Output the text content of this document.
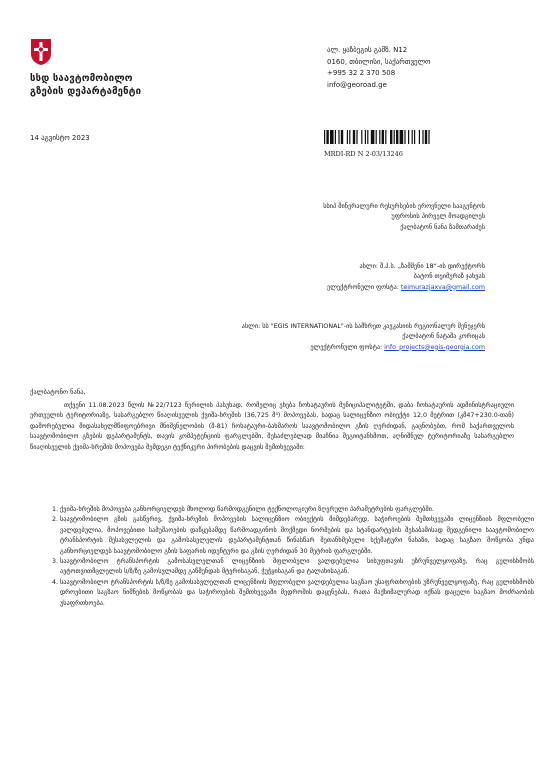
სსდ საავტომობილო
გზების დეპარტამენტი
ალ. ყაზბეგის გამზ. N12
0160, თბილისი, საქართველო
+995 32 2 370 508
info@georoad.ge
14 აგვისტო 2023
MRDI-RD N 2-03/13246
სსიპ მინერალური რესურსების ეროვნული სააგენტოს
უფროსის პირველ მოადგილეს
ქალბატონ ნანა ზამთარაძეს
ასლი: შ.პ.ს. „ზამშენი 18“-ის დირექტორს
ბატონ თეიმურაზ ჯახვას
ელექტრონული ფოსტა: teimurazjaxva@gmail.com
ასლი: სს "EGIS INTERNATIONAL"-ის სამხრეთ კავკასიის რეგიონალურ მენეჯერს
ქალბატონ ნატაშა კორიცას
ელექტრონული ფოსტა: info_projects@egis-georgia.com
ქალბატონო ნანა,
თქვენი 11.08.2023 წლის №22/7123 წერილის პასუხად, რომელიც ეხება ჩოხატაურის მუნიციპალიტეტში, დაბა ჩოხატაურის ადმინისტრაციული ერთეულის ტერიტორიაზე, სასარგებლო წიაღისეულის ქვიშა-ხრეშის (36,725 მ³) მოპოვებას, სადაც სალიცენზიო ობიექტი 12,0 მეტრით (კმ47+230.0-თან) დაშორებულია მიდასახელმწიფოებრივი მნიშვნელობის (შ-81) ჩოხატაური-ბახმაროს საავტომობილო გზის ღერძიდან, გაცნობებთ, რომ საქართველოს საავტომობილო გზების დეპარტამენტს, თავის კომპეტენციის ფარგლებში, შესაძლებლად მიაჩნია შეგიიტანხმოთ, აღნიშნულ ტერიტორიაზე სასარგებლო წიაღისეულის ქვიშა-ხრეშის მოპოვება შემდეგი ტექნიკური პირობების დაცვის შემთხვევაში:
1. ქვიშა-ხრეშის მოპოვება განხორციელდეს მხოლოდ წარმოდგენილი ტექნოლოგიური ზღვრული პარამეტრების ფარგლებში.
2. საავტომობილო გზის გასწვრივ, ქვიშა-ხრეშის მოპოვების სალიცენზიო ობიექტის მიმდებარედ, საჭიროების შემთხვევაში ლიცენზიის მფლობელი ვალდებულია, მოპოვებითი სამუშაოების დაწყებამდე წარმოადგინოს მოქმედი ნორმების და სტანდარტების შესაბამისად შედგენილი საავტომობილო ტრანსპორტის შესასვლელის და გამოსასვლელის დეპარტამენტთან წინასწარ შეთანხმებული სქემატური ნახაზი, სადაც საგზაო მოწყობა უნდა განხორციელდეს საავტომობილო გზის საფარის იდენტური და გზის ღერძიდან 30 მეტრის ფარგლებში.
3. საავტომობილო ტრანსპორტის გამოსასვლელთან ლიცენზიის მფლობელი ვალდებულია სისუფთავის უზრუნველყოფაზე, რაც გულისხმობს ავტოთვითმცლელის ს/ზ/ზე გამოსვლამდე გაწმენდას მტვრისაგან, ჭუჭყისაგან და ტალახისაგან.
4. საავტომობილო ტრანსპორტის ს/ზ/ზე გამოსასვლელთან ლიცენზიის მფლობელი ვალდებულია საგზაო უსაფრთხოების უზრუნველყოფაზე, რაც გულისხმობს დროებითი საგზაო ნიშნების მოწყობას და საჭიროების შემთხვევაში მედროშის დაყენებას, რათა მაქსიმალურად იქნას დაცული საგზაო მოძრაობის უსაფრთხოება.
